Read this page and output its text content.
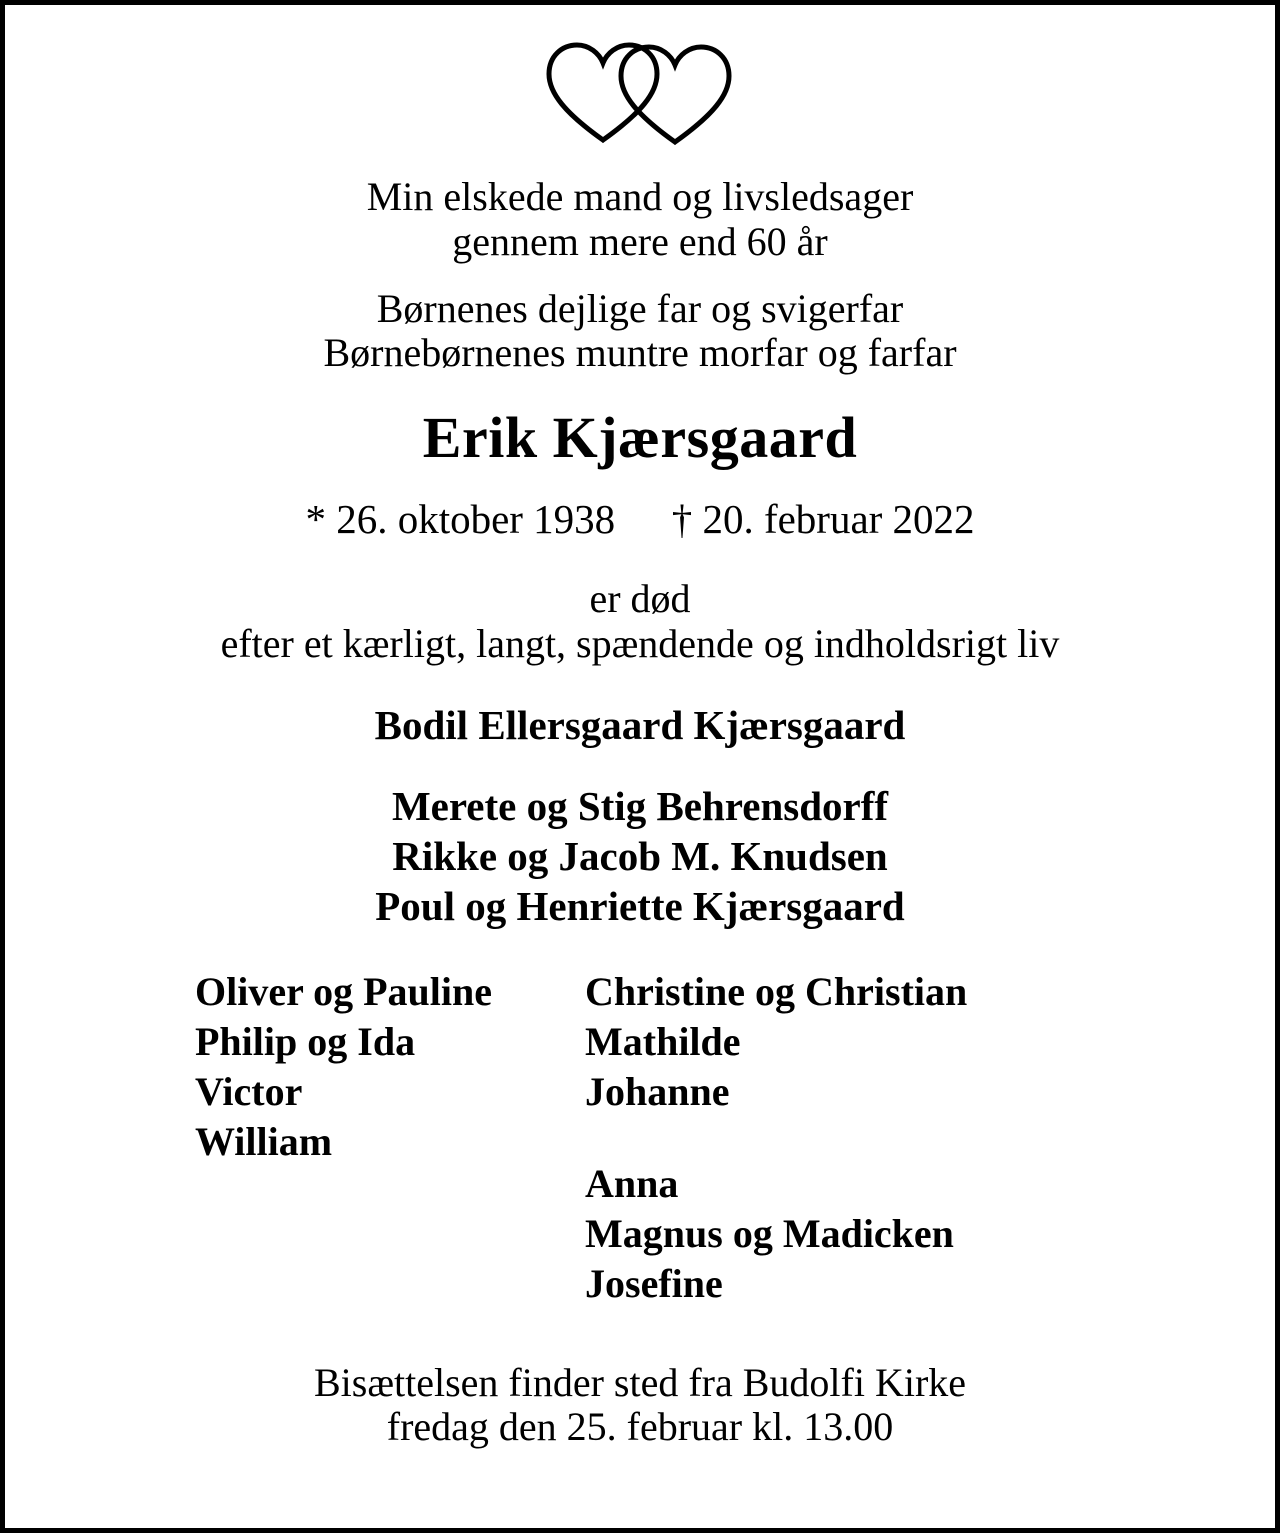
Min elskede mand og livsledsager
gennem mere end 60 år
Børnenes dejlige far og svigerfar
Børnebørnenes muntre morfar og farfar
Erik Kjærsgaard
* 26. oktober 1938 † 20. februar 2022
er død
efter et kærligt, langt, spændende og indholdsrigt liv
Bodil Ellersgaard Kjærsgaard
Merete og Stig Behrensdorff
Rikke og Jacob M. Knudsen
Poul og Henriette Kjærsgaard
Oliver og Pauline
Philip og Ida
Victor
William
Christine og Christian
Mathilde
Johanne
Anna
Magnus og Madicken
Josefine
Bisættelsen finder sted fra Budolfi Kirke
fredag den 25. februar kl. 13.00
